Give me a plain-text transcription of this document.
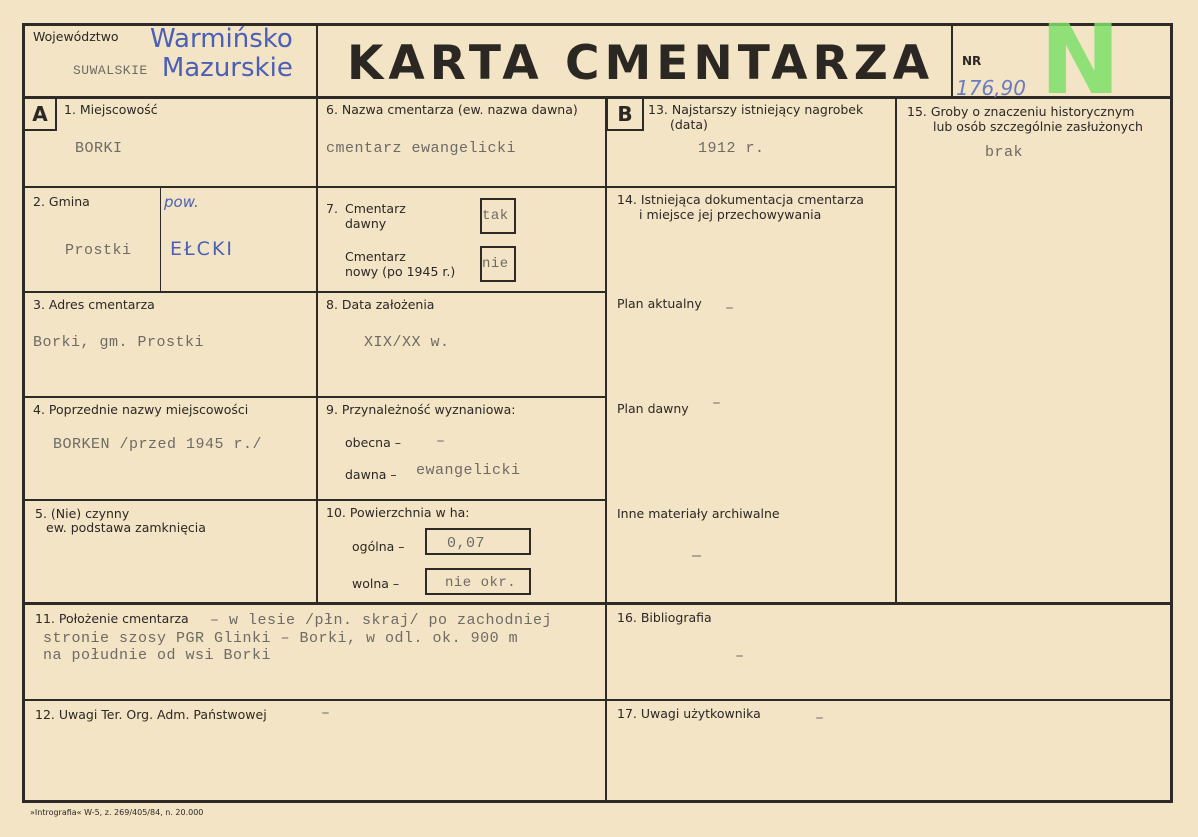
Województwo
SUWALSKIE
Warmińsko
Mazurskie KARTA CMENTARZA NR
176,90 N
A	B
1. Miejscowość
BORKI
2. Gmina
Prostki
pow.
EŁCKI
3. Adres cmentarza
Borki, gm. Prostki
4. Poprzednie nazwy miejscowości
BORKEN /przed 1945 r./
5. (Nie) czynny
ew. podstawa zamknięcia
6. Nazwa cmentarza (ew. nazwa dawna)
cmentarz ewangelicki
Cmentarz
dawny
7.	tak
Cmentarz
nowy (po 1945 r.) nie
8. Data założenia
XIX/XX w.
9. Przynależność wyznaniowa:
obecna – –
dawna – ewangelicki
10. Powierzchnia w ha:
ogólna –	0,07
wolna –	nie okr.
13. Najstarszy istniejący nagrobek
(data)
1912 r.
14. Istniejąca dokumentacja cmentarza
i miejsce jej przechowywania
Plan aktualny –
Plan dawny –
Inne materiały archiwalne
—
15. Groby o znaczeniu historycznym
lub osób szczególnie zasłużonych
brak
11. Położenie cmentarza – w lesie /płn. skraj/ po zachodniej
stronie szosy PGR Glinki – Borki, w odl. ok. 900 m
na południe od wsi Borki
12. Uwagi Ter. Org. Adm. Państwowej	–
16. Bibliografia
–
17. Uwagi użytkownika	–
»Intrografia« W-5, z. 269/405/84, n. 20.000
